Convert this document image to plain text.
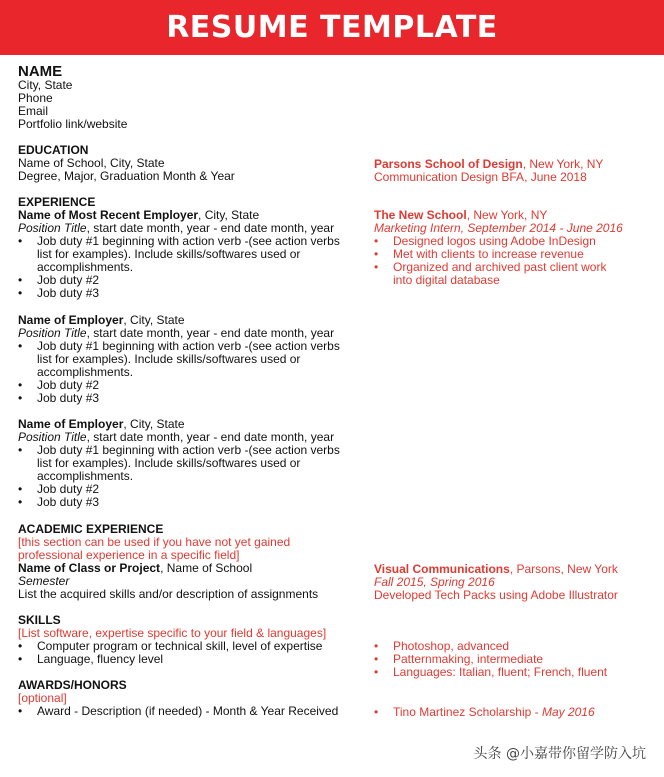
RESUME TEMPLATE
NAME
City, State
Phone
Email
Portfolio link/website
EDUCATION
Name of School, City, State
Degree, Major, Graduation Month & Year
Parsons School of Design, New York, NY
Communication Design BFA, June 2018
EXPERIENCE
Name of Most Recent Employer, City, State
Position Title, start date month, year - end date month, year
• Job duty #1 beginning with action verb -(see action verbs
list for examples). Include skills/softwares used or
accomplishments.
• Job duty #2
• Job duty #3
The New School, New York, NY
Marketing Intern, September 2014 - June 2016
• Designed logos using Adobe InDesign
• Met with clients to increase revenue
• Organized and archived past client work
into digital database
Name of Employer, City, State
Position Title, start date month, year - end date month, year
• Job duty #1 beginning with action verb -(see action verbs
list for examples). Include skills/softwares used or
accomplishments.
• Job duty #2
• Job duty #3
Name of Employer, City, State
Position Title, start date month, year - end date month, year
• Job duty #1 beginning with action verb -(see action verbs
list for examples). Include skills/softwares used or
accomplishments.
• Job duty #2
• Job duty #3
ACADEMIC EXPERIENCE
[this section can be used if you have not yet gained
professional experience in a specific field]
Name of Class or Project, Name of School
Semester
List the acquired skills and/or description of assignments
Visual Communications, Parsons, New York
Fall 2015, Spring 2016
Developed Tech Packs using Adobe Illustrator
SKILLS
[List software, expertise specific to your field & languages]
• Computer program or technical skill, level of expertise
• Language, fluency level
• Photoshop, advanced
• Patternmaking, intermediate
• Languages: Italian, fluent; French, fluent
AWARDS/HONORS
[optional]
• Award - Description (if needed) - Month & Year Received
•	Tino Martinez Scholarship - May 2016
头条 @小嘉带你留学防入坑
